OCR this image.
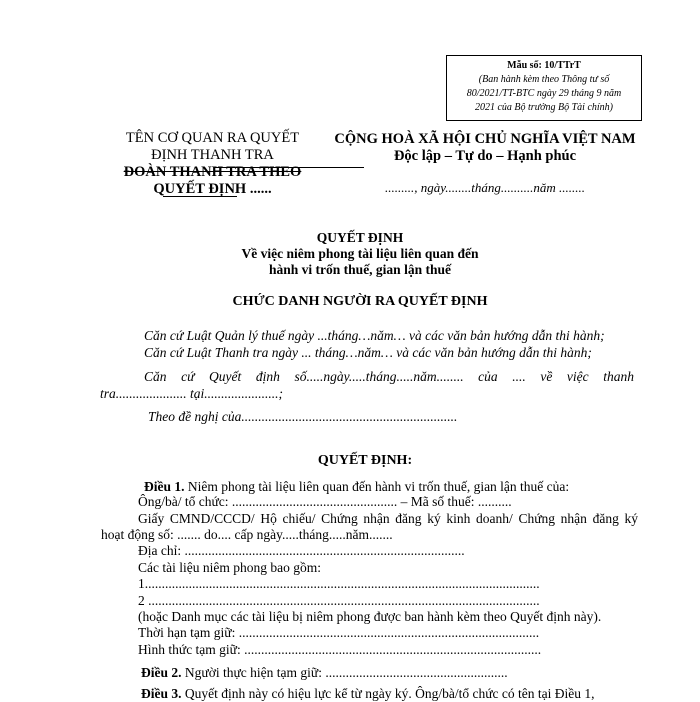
Mẫu số: 10/TTrT
(Ban hành kèm theo Thông tư số
80/2021/TT-BTC ngày 29 tháng 9 năm
2021 của Bộ trưởng Bộ Tài chính)
TÊN CƠ QUAN RA QUYẾT
ĐỊNH THANH TRA
ĐOÀN THANH TRA THEO
QUYẾT ĐỊNH ......
CỘNG HOÀ XÃ HỘI CHỦ NGHĨA VIỆT NAM
Độc lập – Tự do – Hạnh phúc
........., ngày........tháng..........năm ........
QUYẾT ĐỊNH
Về việc niêm phong tài liệu liên quan đến
hành vi trốn thuế, gian lận thuế
CHỨC DANH NGƯỜI RA QUYẾT ĐỊNH
Căn cứ Luật Quản lý thuế ngày ...tháng…năm… và các văn bản hướng dẫn thi hành;
Căn cứ Luật Thanh tra ngày ... tháng…năm… và các văn bản hướng dẫn thi hành;
Căn cứ Quyết định số.....ngày.....tháng.....năm........ của .... về việc thanh
tra..................... tại......................;
Theo đề nghị của................................................................
QUYẾT ĐỊNH:
Điều 1. Niêm phong tài liệu liên quan đến hành vi trốn thuế, gian lận thuế của:
Ông/bà/ tổ chức: ................................................. – Mã số thuế: ..........
Giấy CMND/CCCD/ Hộ chiếu/ Chứng nhận đăng ký kinh doanh/ Chứng nhận đăng ký
hoạt động số: ....... do.... cấp ngày.....tháng.....năm.......
Địa chỉ: ...................................................................................
Các tài liệu niêm phong bao gồm:
1.....................................................................................................................
2 ....................................................................................................................
(hoặc Danh mục các tài liệu bị niêm phong được ban hành kèm theo Quyết định này).
Thời hạn tạm giữ: .........................................................................................
Hình thức tạm giữ: ........................................................................................
Điều 2. Người thực hiện tạm giữ: ......................................................
Điều 3. Quyết định này có hiệu lực kể từ ngày ký. Ông/bà/tổ chức có tên tại Điều 1,
